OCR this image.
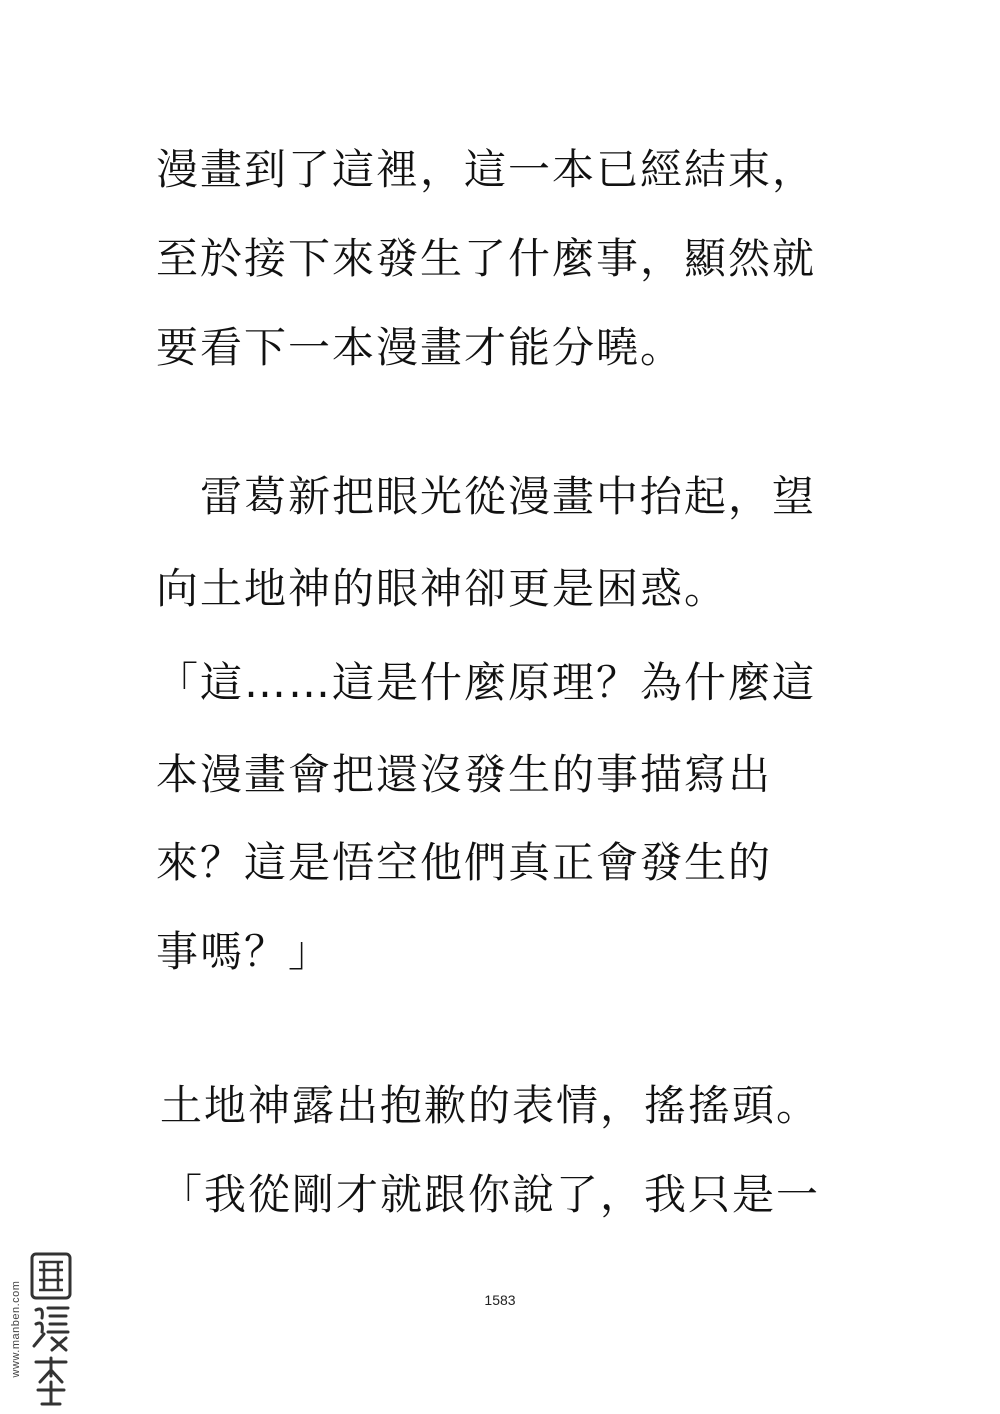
漫畫到了這裡，這一本已經結束，
至於接下來發生了什麼事，顯然就
要看下一本漫畫才能分曉。
　雷葛新把眼光從漫畫中抬起，望
向土地神的眼神卻更是困惑。
「這……這是什麼原理？為什麼這
本漫畫會把還沒發生的事描寫出
來？這是悟空他們真正會發生的
事嗎？」
土地神露出抱歉的表情，搖搖頭。
「我從剛才就跟你說了，我只是一
1583
www.manben.com
